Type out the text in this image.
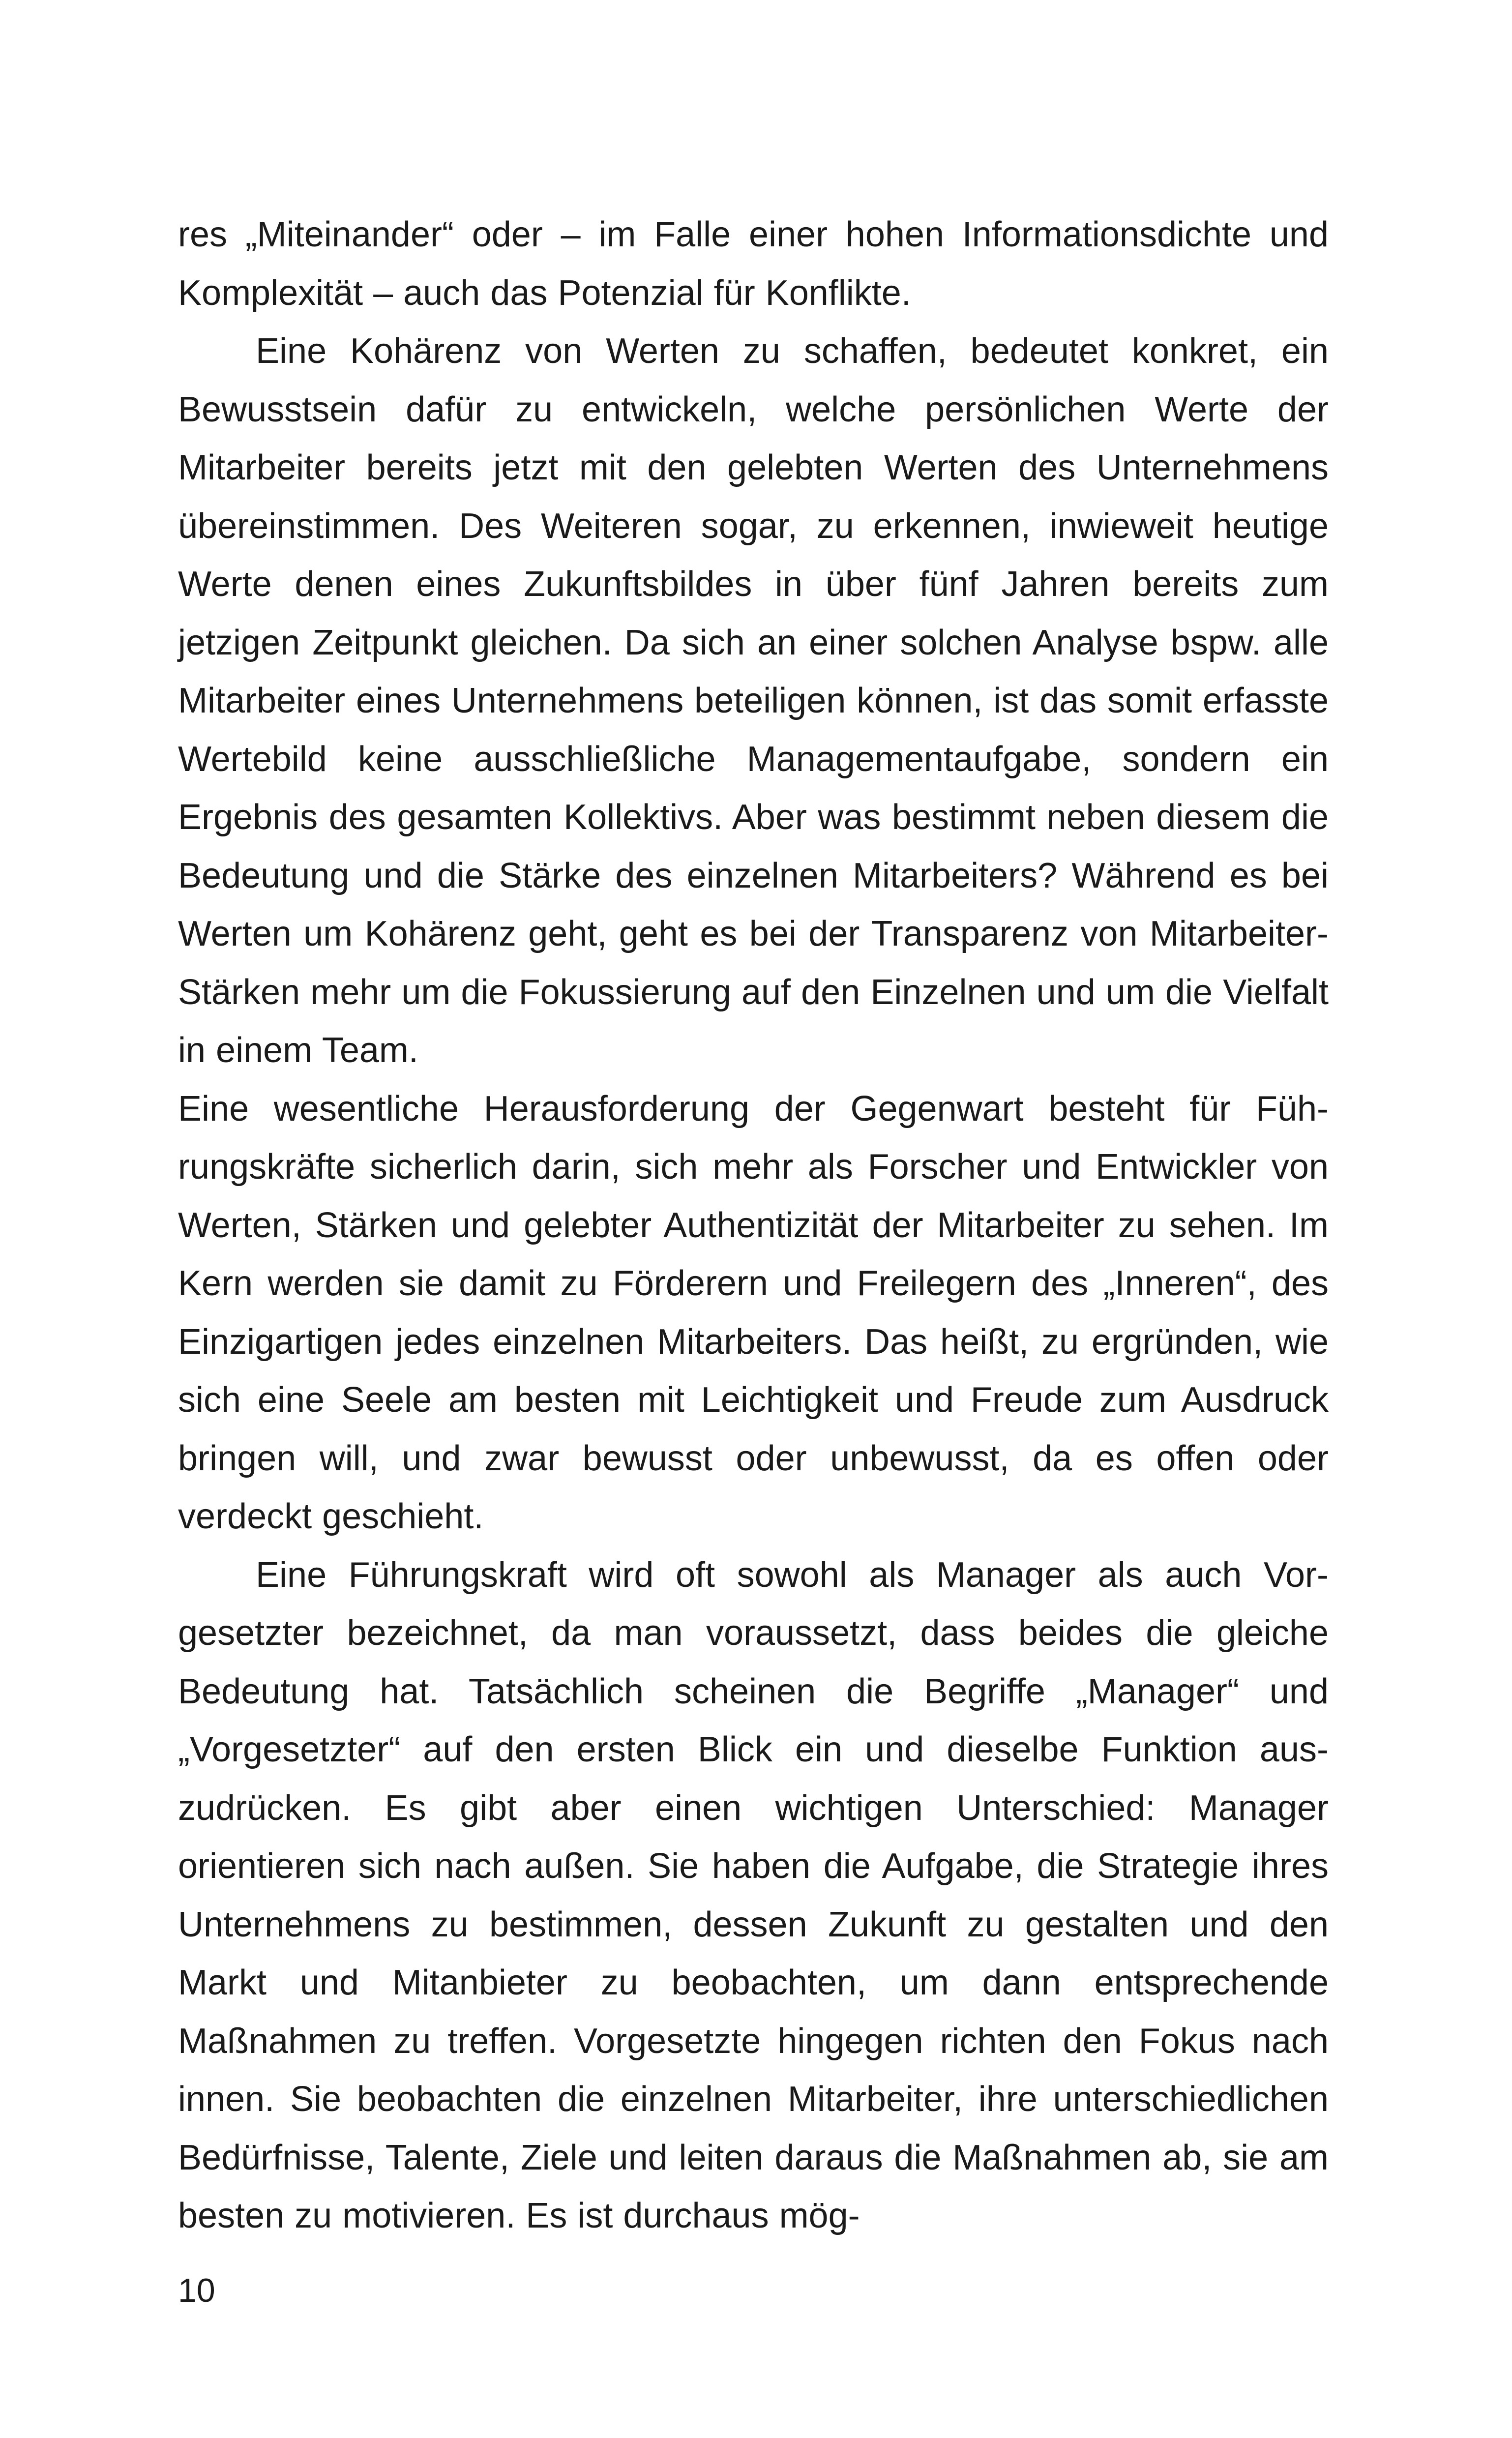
res „Miteinander“ oder – im Falle einer hohen Informationsdichte und Komplexität – auch das Potenzial für Konflikte.

Eine Kohärenz von Werten zu schaffen, bedeutet konkret, ein Bewusstsein dafür zu entwickeln, welche persönlichen Werte der Mitarbeiter bereits jetzt mit den gelebten Werten des Unternehmens übereinstimmen. Des Weiteren sogar, zu erkennen, inwieweit heutige Werte denen eines Zukunftsbildes in über fünf Jahren bereits zum jetzigen Zeitpunkt gleichen. Da sich an einer solchen Analyse bspw. alle Mitarbeiter eines Unternehmens beteiligen können, ist das somit erfasste Wertebild keine ausschließliche Managementaufgabe, sondern ein Ergebnis des gesamten Kollektivs. Aber was bestimmt neben diesem die Bedeutung und die Stärke des einzelnen Mitarbeiters? Während es bei Werten um Kohärenz geht, geht es bei der Transparenz von Mitarbeiter-Stärken mehr um die Fokussierung auf den Einzelnen und um die Vielfalt in einem Team.

Eine wesentliche Herausforderung der Gegenwart besteht für Führungskräfte sicherlich darin, sich mehr als Forscher und Entwickler von Werten, Stärken und gelebter Authentizität der Mitarbeiter zu sehen. Im Kern werden sie damit zu Förderern und Freilegern des „Inneren“, des Einzigartigen jedes einzelnen Mitarbeiters. Das heißt, zu ergründen, wie sich eine Seele am besten mit Leichtigkeit und Freude zum Ausdruck bringen will, und zwar bewusst oder unbewusst, da es offen oder verdeckt geschieht.

Eine Führungskraft wird oft sowohl als Manager als auch Vorgesetzter bezeichnet, da man voraussetzt, dass beides die gleiche Bedeutung hat. Tatsächlich scheinen die Begriffe „Manager“ und „Vorgesetzter“ auf den ersten Blick ein und dieselbe Funktion auszudrücken. Es gibt aber einen wichtigen Unterschied: Manager orientieren sich nach außen. Sie haben die Aufgabe, die Strategie ihres Unternehmens zu bestimmen, dessen Zukunft zu gestalten und den Markt und Mitanbieter zu beobachten, um dann entsprechende Maßnahmen zu treffen. Vorgesetzte hingegen richten den Fokus nach innen. Sie beobachten die einzelnen Mitarbeiter, ihre unterschiedlichen Bedürfnisse, Talente, Ziele und leiten daraus die Maßnahmen ab, sie am besten zu motivieren. Es ist durchaus mög-

10
